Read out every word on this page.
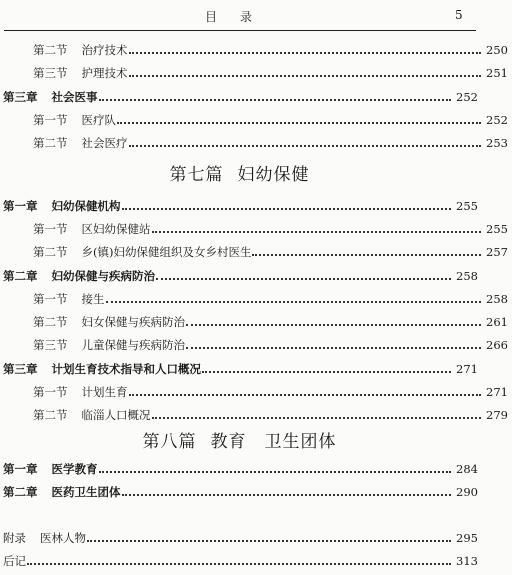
目 录	5
第二节 治疗技术	250
第三节 护理技术	251
第三章 社会医事	252
第一节 医疗队	252
第二节 社会医疗	253
第七篇 妇幼保健
第一章 妇幼保健机构	255
第一节 区妇幼保健站	255
第二节 乡(镇)妇幼保健组织及女乡村医生	257
第二章 妇幼保健与疾病防治	258
第一节 接生	258
第二节 妇女保健与疾病防治	261
第三节 儿童保健与疾病防治	266
第三章 计划生育技术指导和人口概况	271
第一节 计划生育	271
第二节 临淄人口概况	279
第八篇 教育　卫生团体
第一章 医学教育	284
第二章 医药卫生团体	290
附录 医林人物	295
后记	313
